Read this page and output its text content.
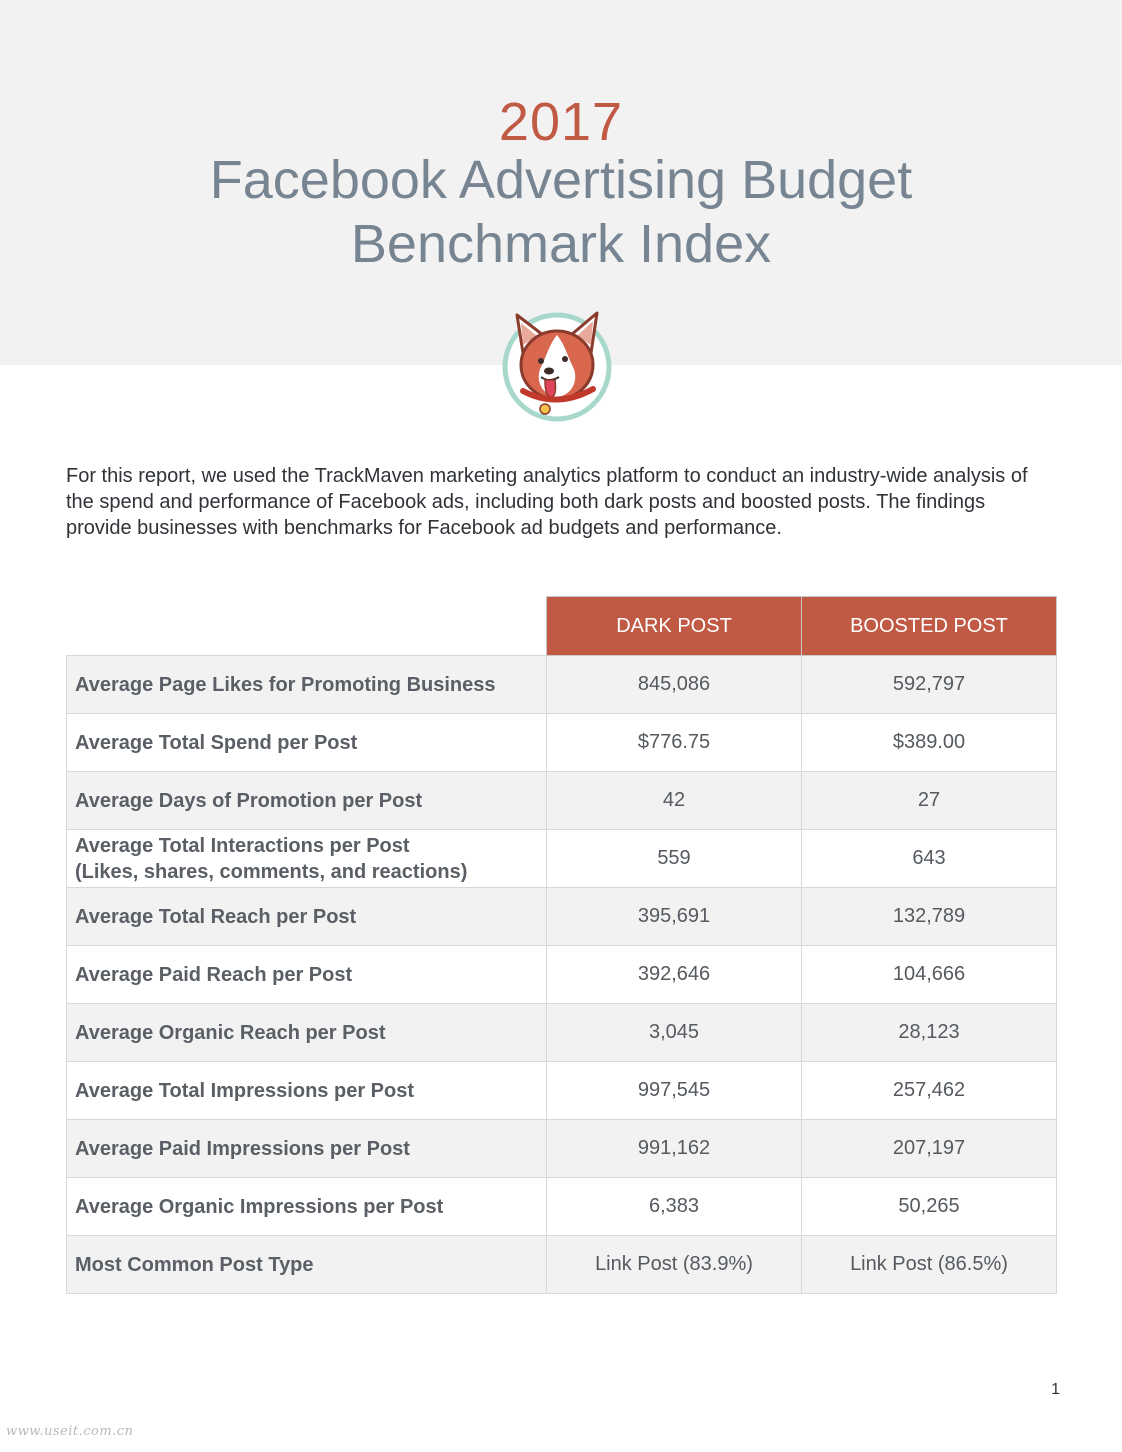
2017
Facebook Advertising Budget
Benchmark Index

For this report, we used the TrackMaven marketing analytics platform to conduct an industry-wide analysis of the spend and performance of Facebook ads, including both dark posts and boosted posts. The findings provide businesses with benchmarks for Facebook ad budgets and performance.

	DARK POST	BOOSTED POST
Average Page Likes for Promoting Business	845,086	592,797
Average Total Spend per Post	$776.75	$389.00
Average Days of Promotion per Post	42	27

Average Total Interactions per Post
(Likes, shares, comments, and reactions)	559	643
Average Total Reach per Post	395,691	132,789
Average Paid Reach per Post	392,646	104,666
Average Organic Reach per Post	3,045	28,123
Average Total Impressions per Post	997,545	257,462
Average Paid Impressions per Post	991,162	207,197
Average Organic Impressions per Post	6,383	50,265
Most Common Post Type	Link Post (83.9%)	Link Post (86.5%)
1
www.useit.com.cn
